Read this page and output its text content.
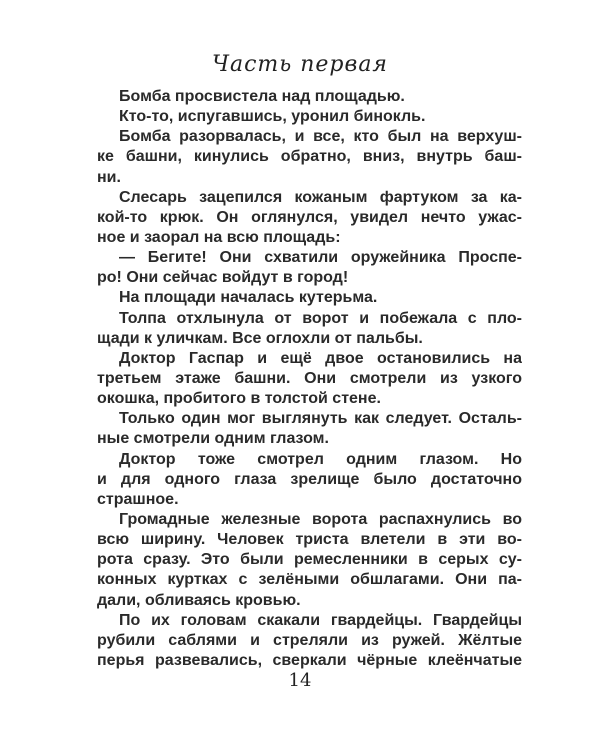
Часть первая
Бомба просвистела над площадью.
Кто-то, испугавшись, уронил бинокль.
Бомба разорвалась, и все, кто был на верхуш-
ке башни, кинулись обратно, вниз, внутрь баш-
ни.
Слесарь зацепился кожаным фартуком за ка-
кой-то крюк. Он оглянулся, увидел нечто ужас-
ное и заорал на всю площадь:
— Бегите! Они схватили оружейника Проспе-
ро! Они сейчас войдут в город!
На площади началась кутерьма.
Толпа отхлынула от ворот и побежала с пло-
щади к уличкам. Все оглохли от пальбы.
Доктор Гаспар и ещё двое остановились на
третьем этаже башни. Они смотрели из узкого
окошка, пробитого в толстой стене.
Только один мог выглянуть как следует. Осталь-
ные смотрели одним глазом.
Доктор тоже смотрел одним глазом. Но
и для одного глаза зрелище было достаточно
страшное.
Громадные железные ворота распахнулись во
всю ширину. Человек триста влетели в эти во-
рота сразу. Это были ремесленники в серых су-
конных куртках с зелёными обшлагами. Они па-
дали, обливаясь кровью.
По их головам скакали гвардейцы. Гвардейцы
рубили саблями и стреляли из ружей. Жёлтые
перья развевались, сверкали чёрные клеёнчатые
14
